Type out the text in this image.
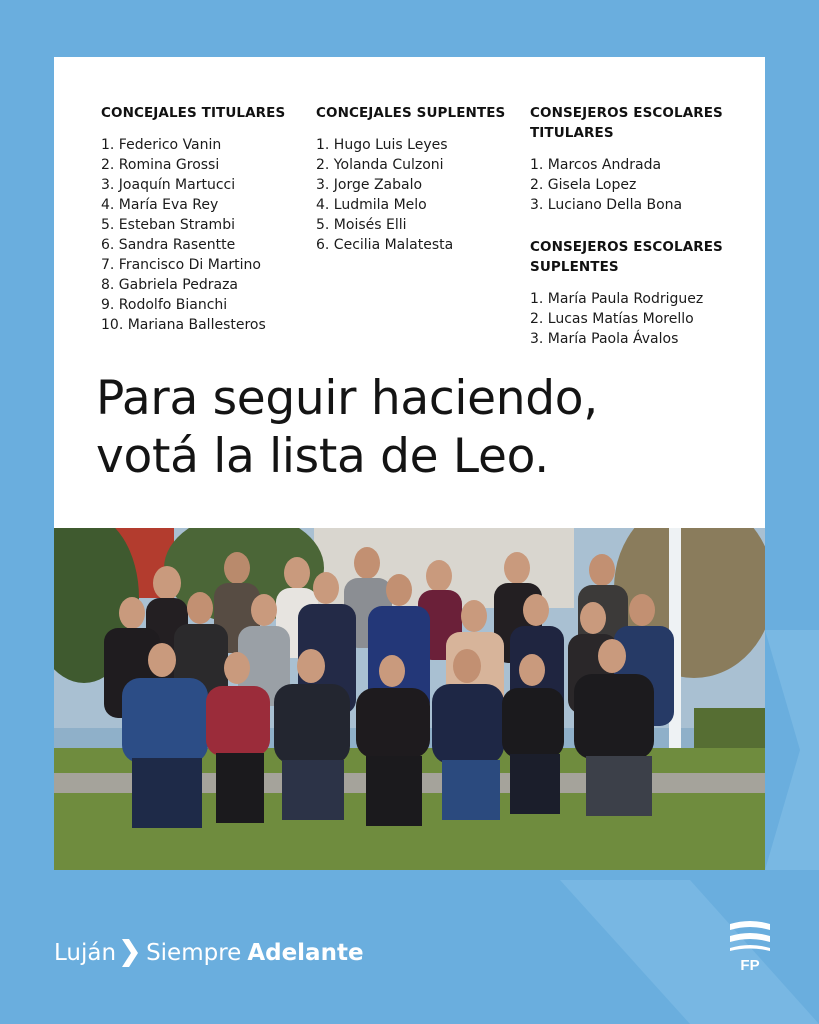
CONCEJALES TITULARES
1. Federico Vanin
2. Romina Grossi
3. Joaquín Martucci
4. María Eva Rey
5. Esteban Strambi
6. Sandra Rasentte
7. Francisco Di Martino
8. Gabriela Pedraza
9. Rodolfo Bianchi
10. Mariana Ballesteros
CONCEJALES SUPLENTES
1. Hugo Luis Leyes
2. Yolanda Culzoni
3. Jorge Zabalo
4. Ludmila Melo
5. Moisés Elli
6. Cecilia Malatesta
CONSEJEROS ESCOLARES
TITULARES
1. Marcos Andrada
2. Gisela Lopez
3. Luciano Della Bona
CONSEJEROS ESCOLARES
SUPLENTES
1. María Paula Rodriguez
2. Lucas Matías Morello
3. María Paola Ávalos
Para seguir haciendo,
votá la lista de Leo.
Luján Siempre Adelante	FP
